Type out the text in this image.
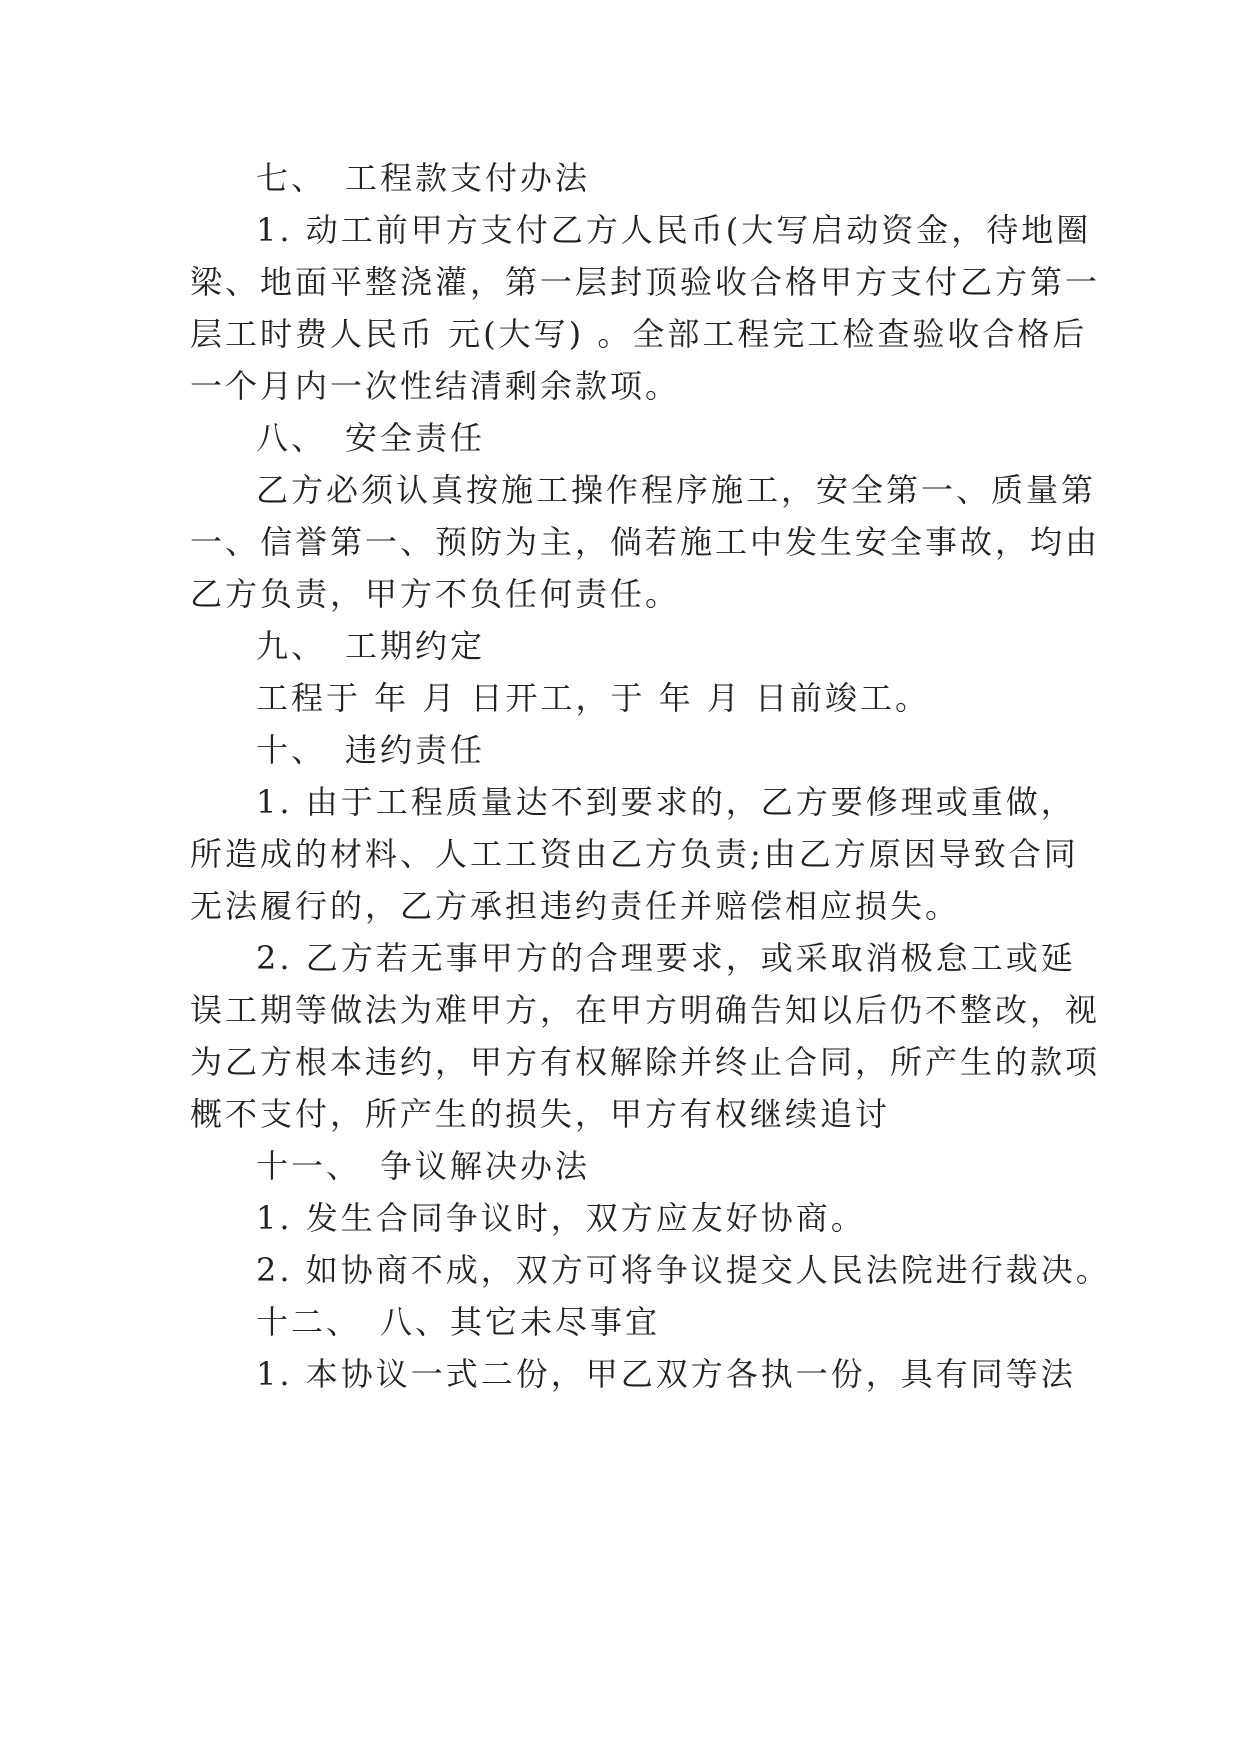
七、　工程款支付办法
1. 动工前甲方支付乙方人民币(大写启动资金，待地圈
梁、地面平整浇灌，第一层封顶验收合格甲方支付乙方第一
层工时费人民币 元(大写) 。全部工程完工检查验收合格后
一个月内一次性结清剩余款项。
八、　安全责任
乙方必须认真按施工操作程序施工，安全第一、质量第
一、信誉第一、预防为主，倘若施工中发生安全事故，均由
乙方负责，甲方不负任何责任。
九、　工期约定
工程于 年 月 日开工，于 年 月 日前竣工。
十、　违约责任
1. 由于工程质量达不到要求的，乙方要修理或重做，
所造成的材料、人工工资由乙方负责;由乙方原因导致合同
无法履行的，乙方承担违约责任并赔偿相应损失。
2. 乙方若无事甲方的合理要求，或采取消极怠工或延
误工期等做法为难甲方，在甲方明确告知以后仍不整改，视
为乙方根本违约，甲方有权解除并终止合同，所产生的款项
概不支付，所产生的损失，甲方有权继续追讨
十一、　争议解决办法
1. 发生合同争议时，双方应友好协商。
2. 如协商不成，双方可将争议提交人民法院进行裁决。
十二、　八、其它未尽事宜
1. 本协议一式二份，甲乙双方各执一份，具有同等法
